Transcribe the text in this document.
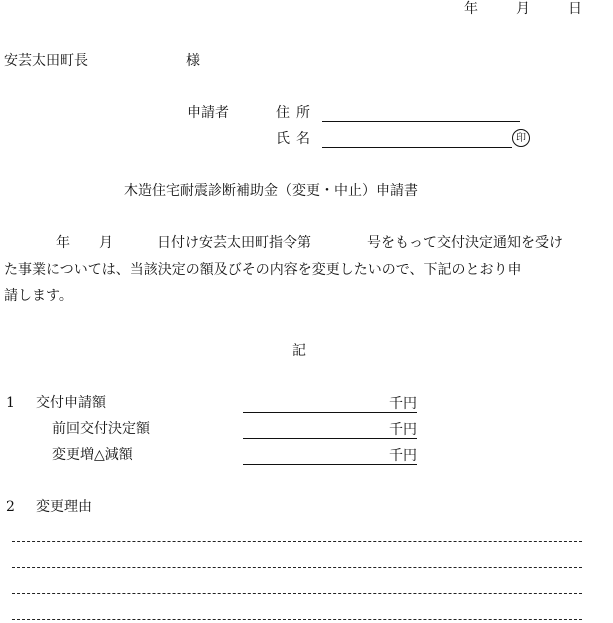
年	月	日
安芸太田町長	様
申請者	住所
氏名	印
木造住宅耐震診断補助金（変更・中止）申請書
年 月	日付け安芸太田町指令第	号をもって交付決定通知を受け
た事業については、当該決定の額及びその内容を変更したいので、下記のとおり申
請します。
記
1 交付申請額	千円
前回交付決定額	千円
変更増△減額	千円
2 変更理由
